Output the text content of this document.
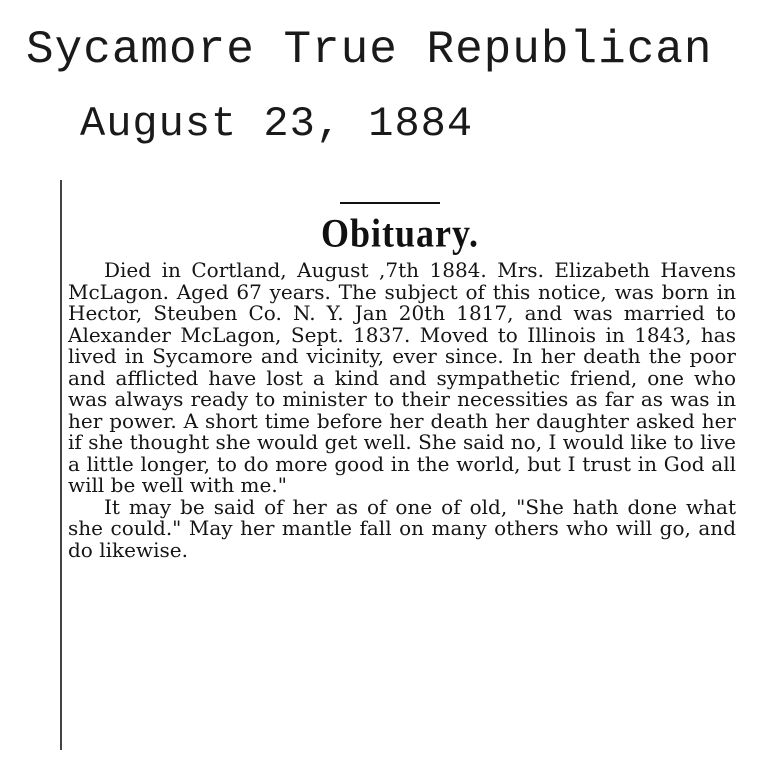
Sycamore True Republican
August 23, 1884
Obituary.

Died in Cortland, August ,7th 1884. Mrs. Elizabeth Havens McLagon. Aged 67 years. The subject of this notice, was born in Hector, Steuben Co. N. Y. Jan 20th 1817, and was married to Alexander McLagon, Sept. 1837. Moved to Illinois in 1843, has lived in Sycamore and vicinity, ever since. In her death the poor and afflicted have lost a kind and sympathetic friend, one who was always ready to minister to their necessities as far as was in her power. A short time before her death her daughter asked her if she thought she would get well. She said no, I would like to live a little longer, to do more good in the world, but I trust in God all will be well with me."

It may be said of her as of one of old, "She hath done what she could." May her mantle fall on many others who will go, and do likewise.
